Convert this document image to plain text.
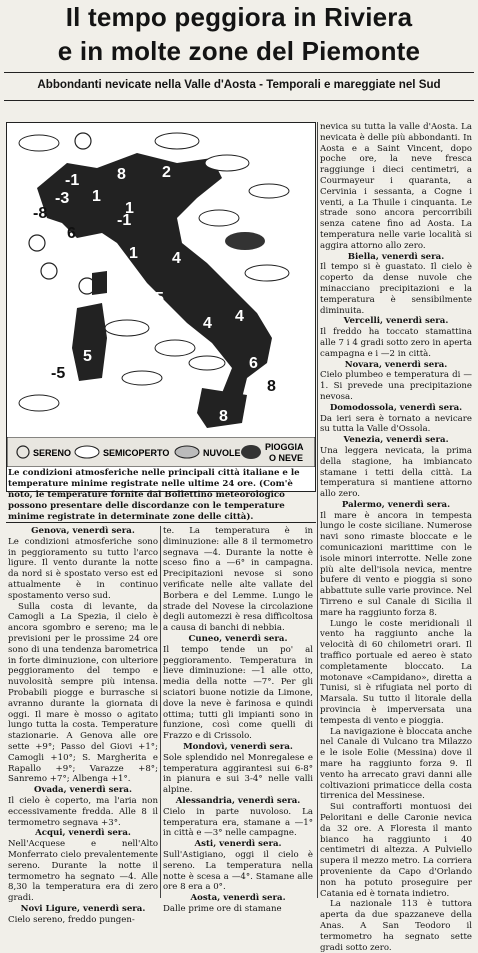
Il tempo peggiora in Riviera
e in molte zone del Piemonte
Abbondanti nevicate nella Valle d'Aosta - Temporali e mareggiate nel Sud
-1
-3
8 2
1
-1
1 4
5
4
6
8
5
4
1
-8
6
-5
8
SERENO	SEMICOPERTO	NUVOLE
PIOGGIA
O NEVE
Le condizioni atmosferiche nelle principali città italiane e le temperature minime registrate nelle ultime 24 ore. (Com'è noto, le temperature fornite dal Bollettino meteorologico possono presentare delle discordanze con le temperature minime registrate in determinate zone delle città).

Genova, venerdì sera.
Le condizioni atmosferiche sono in peggioramento su tutto l'arco ligure. Il vento durante la notte da nord si è spostato verso est ed attualmente è in continuo spostamento verso sud.

Sulla costa di levante, da Camogli a La Spezia, il cielo è ancora sgombro e sereno; ma le previsioni per le prossime 24 ore sono di una tendenza barometrica in forte diminuzione, con ulteriore peggioramento del tempo e nuvolosità sempre più intensa. Probabili piogge e burrasche si avranno durante la giornata di oggi. Il mare è mosso o agitato lungo tutta la costa. Temperature stazionarie. A Genova alle ore sette +9°; Passo del Giovi +1°; Camogli +10°; S. Margherita e Rapallo +9°; Varazze +8°; Sanremo +7°; Albenga +1°.

Ovada, venerdì sera.
Il cielo è coperto, ma l'aria non eccessivamente fredda. Alle 8 il termometro segnava +3°.

Acqui, venerdì sera.
Nell'Acquese e nell'Alto Monferrato cielo prevalentemente sereno. Durante la notte il termometro ha segnato —4. Alle 8,30 la temperatura era di zero gradi.

Novi Ligure, venerdì sera.
Cielo sereno, freddo pungen-

te. La temperatura è in diminuzione: alle 8 il termometro segnava —4. Durante la notte è sceso fino a —6° in campagna. Precipitazioni nevose si sono verificate nelle alte vallate del Borbera e del Lemme. Lungo le strade del Novese la circolazione degli automezzi è resa difficoltosa a causa di banchi di nebbia.

Cuneo, venerdì sera.
Il tempo tende un po' al peggioramento. Temperatura in lieve diminuzione: —1 alle otto, media della notte —7°. Per gli sciatori buone notizie da Limone, dove la neve è farinosa e quindi ottima; tutti gli impianti sono in funzione, così come quelli di Frazzo e di Crissolo.

Mondovì, venerdì sera.
Sole splendido nel Monregalese e temperatura aggirantesi sui 6-8° in pianura e sui 3-4° nelle valli alpine.

Alessandria, venerdì sera.
Cielo in parte nuvoloso. La temperatura era, stamane a —1° in città e —3° nelle campagne.

Asti, venerdì sera.
Sull'Astigiano, oggi il cielo è sereno. La temperatura nella notte è scesa a —4°. Stamane alle ore 8 era a 0°.

Aosta, venerdì sera.
Dalle prime ore di stamane

nevica su tutta la valle d'Aosta. La nevicata è delle più abbondanti. In Aosta e a Saint Vincent, dopo poche ore, la neve fresca raggiunge i dieci centimetri, a Courmayeur i quaranta, a Cervinia i sessanta, a Cogne i venti, a La Thuile i cinquanta. Le strade sono ancora percorribili senza catene fino ad Aosta. La temperatura nelle varie località si aggira attorno allo zero.

Biella, venerdì sera.
Il tempo si è guastato. Il cielo è coperto da dense nuvole che minacciano precipitazioni e la temperatura è sensibilmente diminuita.

Vercelli, venerdì sera.
Il freddo ha toccato stamattina alle 7 i 4 gradi sotto zero in aperta campagna e i —2 in città.

Novara, venerdì sera.
Cielo plumbeo e temperatura di —1. Si prevede una precipitazione nevosa.

Domodossola, venerdì sera.
Da ieri sera è tornato a nevicare su tutta la Valle d'Ossola.

Venezia, venerdì sera.
Una leggera nevicata, la prima della stagione, ha imbiancato stamane i tetti della città. La temperatura si mantiene attorno allo zero.

Palermo, venerdì sera.
Il mare è ancora in tempesta lungo le coste siciliane. Numerose navi sono rimaste bloccate e le comunicazioni marittime con le isole minori interrotte. Nelle zone più alte dell'isola nevica, mentre bufere di vento e pioggia si sono abbattute sulle varie province. Nel Tirreno e sul Canale di Sicilia il mare ha raggiunto forza 8.

Lungo le coste meridionali il vento ha raggiunto anche la velocità di 60 chilometri orari. Il traffico portuale ed aereo è stato completamente bloccato. La motonave «Campidano», diretta a Tunisi, si è rifugiata nel porto di Marsala. Su tutto il litorale della provincia è imperversata una tempesta di vento e pioggia.

La navigazione è bloccata anche nel Canale di Vulcano tra Milazzo e le isole Eolie (Messina) dove il mare ha raggiunto forza 9. Il vento ha arrecato gravi danni alle coltivazioni primaticce della costa tirrenica del Messinese.

Sui contrafforti montuosi dei Peloritani e delle Caronie nevica da 32 ore. A Floresta il manto bianco ha raggiunto i 40 centimetri di altezza. A Pulviello supera il mezzo metro. La corriera proveniente da Capo d'Orlando non ha potuto proseguire per Catania ed è tornata indietro.

La nazionale 113 è tuttora aperta da due spazzaneve della Anas. A San Teodoro il termometro ha segnato sette gradi sotto zero.
